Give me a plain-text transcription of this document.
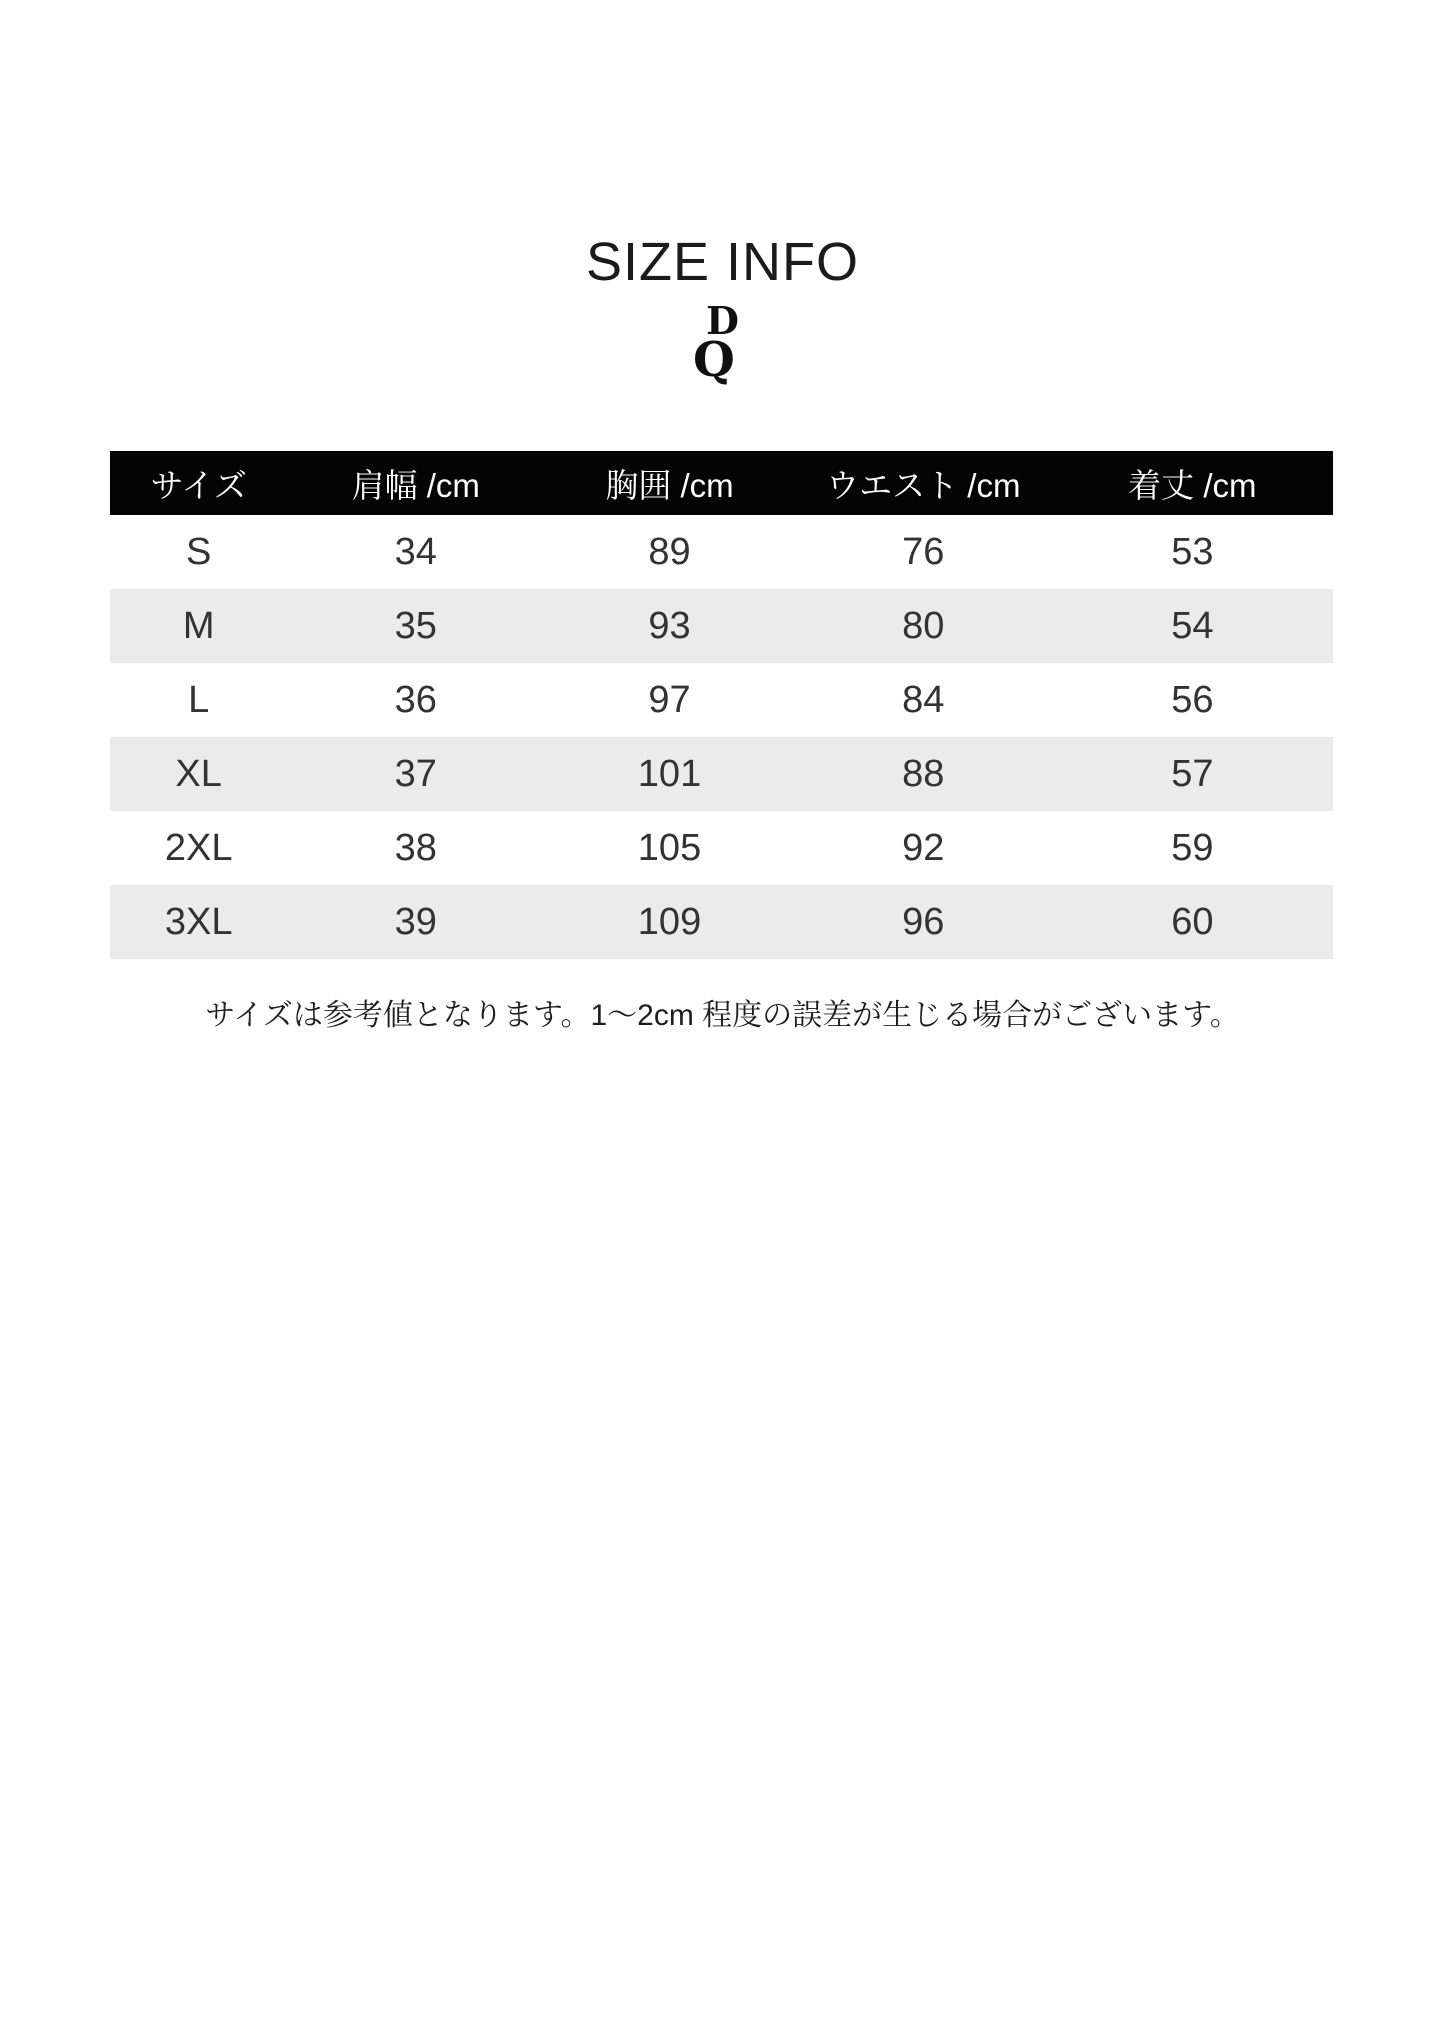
SIZE INFO
D
Q
サイズ	肩幅 /cm	胸囲 /cm	ウエスト /cm	着丈 /cm
S	34	89	76	53
M	35	93	80	54
L	36	97	84	56
XL	37	101	88	57
2XL	38	105	92	59
3XL	39	109	96	60
サイズは参考値となります。1〜2cm 程度の誤差が生じる場合がございます。
